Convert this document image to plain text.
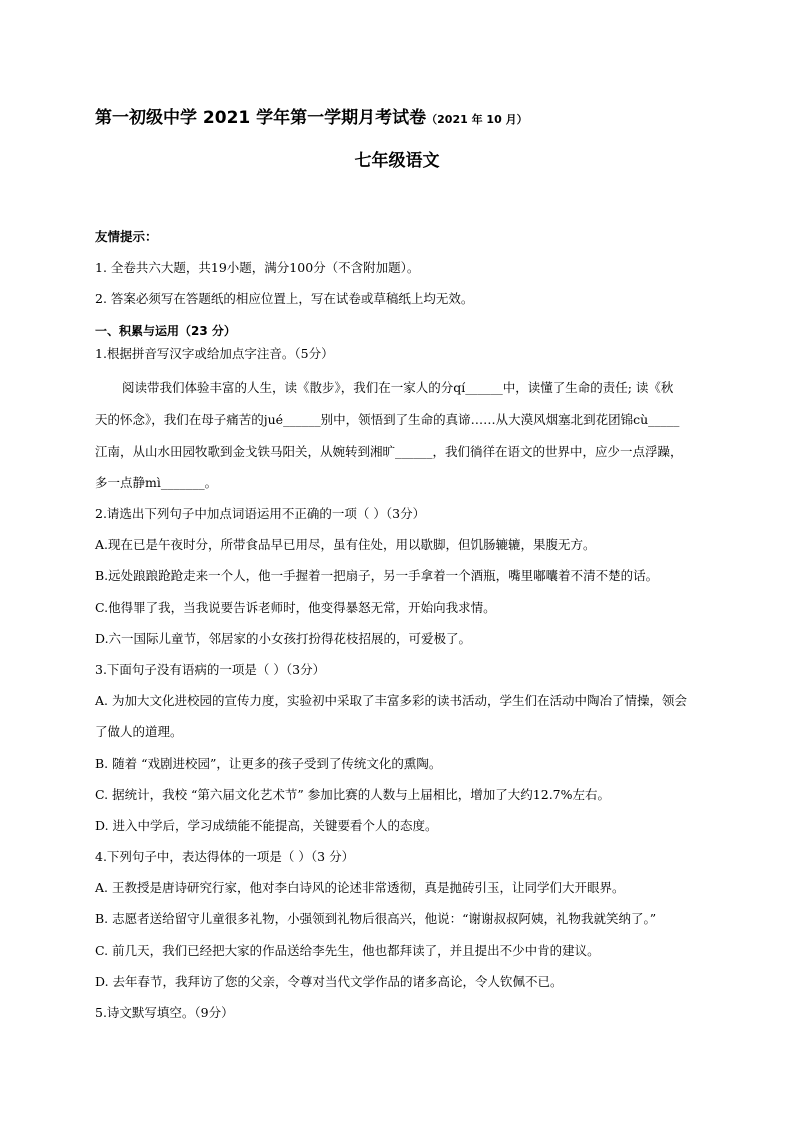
第一初级中学 2021 学年第一学期月考试卷（2021 年 10 月）
七年级语文
友情提示：
1. 全卷共六大题，共19小题，满分100分（不含附加题）。
2. 答案必须写在答题纸的相应位置上，写在试卷或草稿纸上均无效。
一、积累与运用（23 分）
1.根据拼音写汉字或给加点字注音。（5分）
阅读带我们体验丰富的人生，读《散步》，我们在一家人的分qí______中，读懂了生命的责任; 读《秋
天的怀念》，我们在母子痛苦的jué______别中，领悟到了生命的真谛……从大漠风烟塞北到花团锦cù_____
江南，从山水田园牧歌到金戈铁马阳关，从婉转到湘旷______，我们徜徉在语文的世界中，应少一点浮躁，
多一点静mì_______。
2.请选出下列句子中加点词语运用不正确的一项（ ）（3分）
A.现在已是午夜时分，所带食品早已用尽，虽有住处，用以歇脚，但饥肠辘辘，果腹无方。
B.远处踉踉跄跄走来一个人，他一手握着一把扇子，另一手拿着一个酒瓶，嘴里嘟囔着不清不楚的话。
C.他得罪了我，当我说要告诉老师时，他变得暴怒无常，开始向我求情。
D.六一国际儿童节，邻居家的小女孩打扮得花枝招展的，可爱极了。
3.下面句子没有语病的一项是（ ）（3分）
A. 为加大文化进校园的宣传力度，实验初中采取了丰富多彩的读书活动，学生们在活动中陶冶了情操，领会
了做人的道理。
B. 随着 “戏剧进校园”，让更多的孩子受到了传统文化的熏陶。
C. 据统计，我校 “第六届文化艺术节” 参加比赛的人数与上届相比，增加了大约12.7%左右。
D. 进入中学后，学习成绩能不能提高，关键要看个人的态度。
4.下列句子中，表达得体的一项是（ ）（3 分）
A. 王教授是唐诗研究行家，他对李白诗风的论述非常透彻，真是抛砖引玉，让同学们大开眼界。
B. 志愿者送给留守儿童很多礼物，小强领到礼物后很高兴，他说：“谢谢叔叔阿姨，礼物我就笑纳了。”
C. 前几天，我们已经把大家的作品送给李先生，他也都拜读了，并且提出不少中肯的建议。
D. 去年春节，我拜访了您的父亲，令尊对当代文学作品的诸多高论，令人钦佩不已。
5.诗文默写填空。（9分）
